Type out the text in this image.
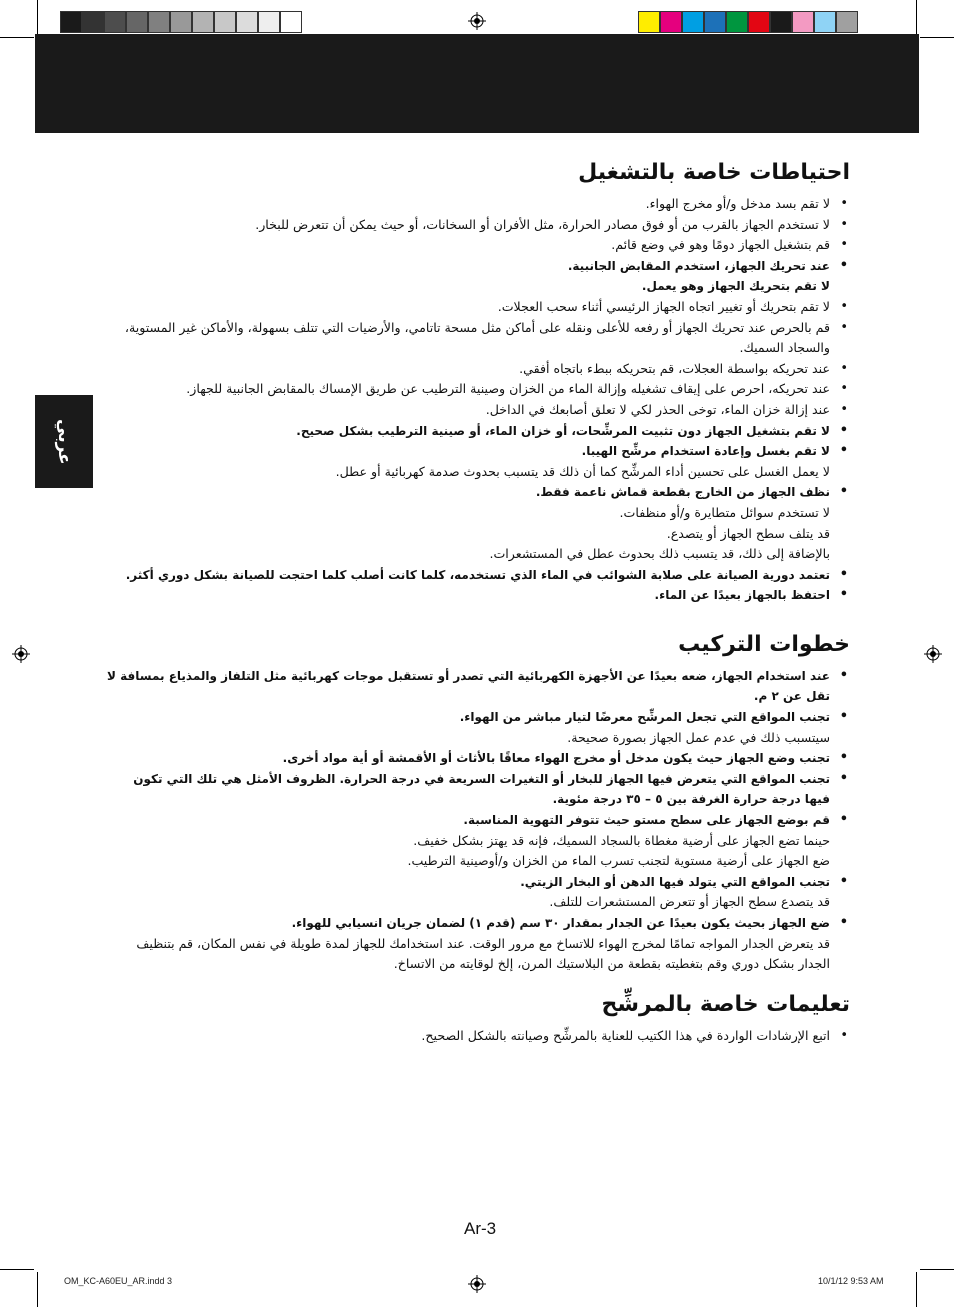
عربي
احتياطات خاصة بالتشغيل
• لا تقم بسد مدخل و/أو مخرج الهواء.
• لا تستخدم الجهاز بالقرب من أو فوق مصادر الحرارة، مثل الأفران أو السخانات، أو حيث يمكن أن تتعرض للبخار.
• قم بتشغيل الجهاز دومًا وهو في وضع قائم.
• عند تحريك الجهاز، استخدم المقابض الجانبية.
لا تقم بتحريك الجهاز وهو يعمل.
• لا تقم بتحريك أو تغيير اتجاه الجهاز الرئيسي أثناء سحب العجلات.
• قم بالحرص عند تحريك الجهاز أو رفعه للأعلى ونقله على أماكن مثل مسحة تاتامي، والأرضيات التي تتلف بسهولة، والأماكن غير المستوية، والسجاد السميك.
• عند تحريكه بواسطة العجلات، قم بتحريكه ببطء باتجاه أفقي.
• عند تحريكه، احرص على إيقاف تشغيله وإزالة الماء من الخزان وصينية الترطيب عن طريق الإمساك بالمقابض الجانبية للجهاز.
• عند إزالة خزان الماء، توخى الحذر لكي لا تعلق أصابعك في الداخل.
• لا تقم بتشغيل الجهاز دون تثبيت المرشِّحات، أو خزان الماء، أو صينية الترطيب بشكل صحيح.
• لا تقم بغسل وإعادة استخدام مرشِّح الهيبا.
لا يعمل الغسل على تحسين أداء المرشِّح كما أن ذلك قد يتسبب بحدوث صدمة كهربائية أو عطل.
• نظف الجهاز من الخارج بقطعة قماش ناعمة فقط.
لا تستخدم سوائل متطايرة و/أو منظفات.
قد يتلف سطح الجهاز أو يتصدع.
بالإضافة إلى ذلك، قد يتسبب ذلك بحدوث عطل في المستشعرات.
• تعتمد دورية الصيانة على صلابة الشوائب في الماء الذي تستخدمه، كلما كانت أصلب كلما احتجت للصيانة بشكل دوري أكثر.
• احتفظ بالجهاز بعيدًا عن الماء.
خطوات التركيب
• عند استخدام الجهاز، ضعه بعيدًا عن الأجهزة الكهربائية التي تصدر أو تستقبل موجات كهربائية مثل التلفاز والمذياع بمسافة لا تقل عن ٢ م.
• تجنب المواقع التي تجعل المرشِّح معرضًا لتيار مباشر من الهواء.
سيتسبب ذلك في عدم عمل الجهاز بصورة صحيحة.
• تجنب وضع الجهاز حيث يكون مدخل أو مخرج الهواء معاقًا بالأثاث أو الأقمشة أو أية مواد أخرى.
• تجنب المواقع التي يتعرض فيها الجهاز للبخار أو التغيرات السريعة في درجة الحرارة. الظروف الأمثل هي تلك التي تكون فيها درجة حرارة الغرفة بين ٥ – ٣٥ درجة مئوية.
• قم بوضع الجهاز على سطح مستو حيث تتوفر التهوية المناسبة.
حينما تضع الجهاز على أرضية مغطاة بالسجاد السميك، فإنه قد يهتز بشكل خفيف.
ضع الجهاز على أرضية مستوية لتجنب تسرب الماء من الخزان و/أوصينية الترطيب.
• تجنب المواقع التي يتولد فيها الدهن أو البخار الزيتي.
قد يتصدع سطح الجهاز أو تتعرض المستشعرات للتلف.
• ضع الجهاز بحيث يكون بعيدًا عن الجدار بمقدار ٣٠ سم (قدم ١) لضمان جريان انسيابي للهواء.
قد يتعرض الجدار المواجه تمامًا لمخرج الهواء للاتساخ مع مرور الوقت. عند استخدامك للجهاز لمدة طويلة في نفس المكان، قم بتنظيف الجدار بشكل دوري وقم بتغطيته بقطعة من البلاستيك المرن، إلخ لوقايته من الاتساخ.
تعليمات خاصة بالمرشِّح
• اتبع الإرشادات الواردة في هذا الكتيب للعناية بالمرشِّح وصيانته بالشكل الصحيح.
Ar-3
OM_KC-A60EU_AR.indd 3	10/1/12 9:53 AM
